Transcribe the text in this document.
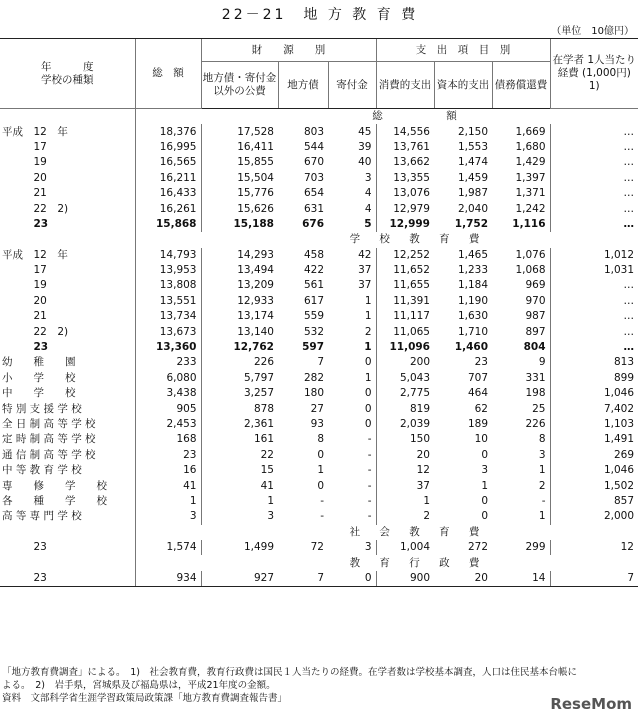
22－21　地 方 教 育 費
（単位　10億円）
年　　　度
学校の種類	総　額	財　　源　　別			支　出　項　目　別			在学者 1人当たり経費 (1,000円) 1)
		地方債・寄付金以外の公費	地方債	寄付金	消費的支出	資本的支出	債務償還費	
		総　　　額						
平成　12　年	18,376	17,528	803	45	14,556	2,150	1,669	…
　　　17	16,995	16,411	544	39	13,761	1,553	1,680	…
　　　19	16,565	15,855	670	40	13,662	1,474	1,429	…
　　　20	16,211	15,504	703	3	13,355	1,459	1,397	…
　　　21	16,433	15,776	654	4	13,076	1,987	1,371	…
　　　22　2)	16,261	15,626	631	4	12,979	2,040	1,242	…
　　　23	15,868	15,188	676	5	12,999	1,752	1,116	…
		学 校 教 育 費						
平成　12　年	14,793	14,293	458	42	12,252	1,465	1,076	1,012
　　　17	13,953	13,494	422	37	11,652	1,233	1,068	1,031
　　　19	13,808	13,209	561	37	11,655	1,184	969	…
　　　20	13,551	12,933	617	1	11,391	1,190	970	…
　　　21	13,734	13,174	559	1	11,117	1,630	987	…
　　　22　2)	13,673	13,140	532	2	11,065	1,710	897	…
　　　23	13,360	12,762	597	1	11,096	1,460	804	…
幼　　稚　　園	233	226	7	0	200	23	9	813
小　　学　　校	6,080	5,797	282	1	5,043	707	331	899
中　　学　　校	3,438	3,257	180	0	2,775	464	198	1,046
特 別 支 援 学 校	905	878	27	0	819	62	25	7,402
全 日 制 高 等 学 校	2,453	2,361	93	0	2,039	189	226	1,103
定 時 制 高 等 学 校	168	161	8	-	150	10	8	1,491
通 信 制 高 等 学 校	23	22	0	-	20	0	3	269
中 等 教 育 学 校	16	15	1	-	12	3	1	1,046
専　　修　　学　　校	41	41	0	-	37	1	2	1,502
各　　種　　学　　校	1	1	-	-	1	0	-	857
高 等 専 門 学 校	3	3	-	-	2	0	1	2,000
		社 会 教 育 費						
　　　23	1,574	1,499	72	3	1,004	272	299	12
		教 育 行 政 費						
　　　23	934	927	7	0	900	20	14	7
「地方教育費調査」による。　1)　社会教育費，教育行政費は国民１人当たりの経費。在学者数は学校基本調査，人口は住民基本台帳に
よる。　2)　岩手県，宮城県及び福島県は，平成21年度の金額。
資料　文部科学省生涯学習政策局政策課「地方教育費調査報告書」	ReseMom
